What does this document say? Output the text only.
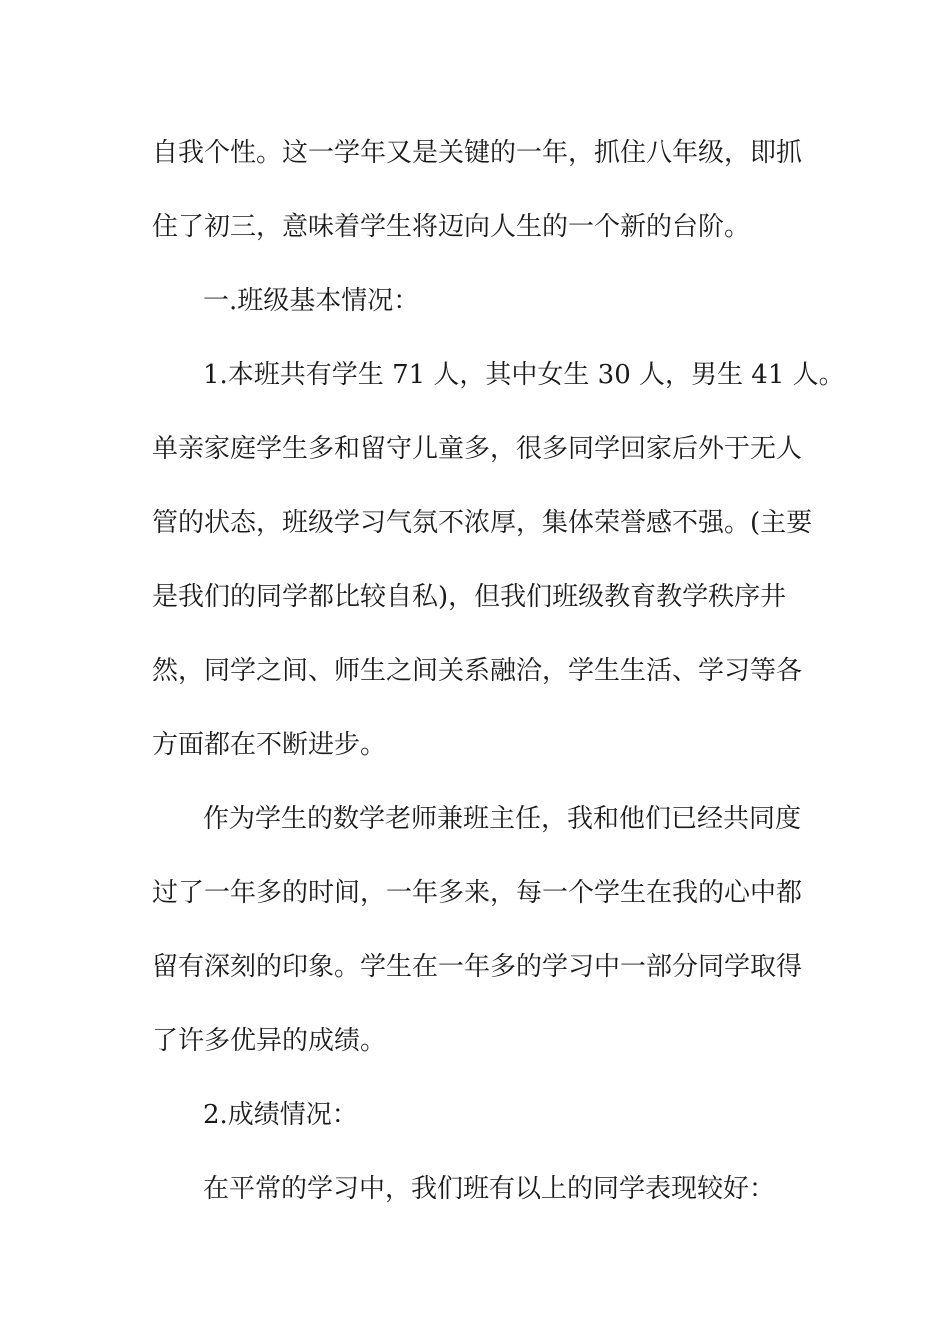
自我个性。这一学年又是关键的一年，抓住八年级，即抓
住了初三，意味着学生将迈向人生的一个新的台阶。
一.班级基本情况：
1.本班共有学生 71 人，其中女生 30 人，男生 41 人。
单亲家庭学生多和留守儿童多，很多同学回家后外于无人
管的状态，班级学习气氛不浓厚，集体荣誉感不强。(主要
是我们的同学都比较自私)，但我们班级教育教学秩序井
然，同学之间、师生之间关系融洽，学生生活、学习等各
方面都在不断进步。
作为学生的数学老师兼班主任，我和他们已经共同度
过了一年多的时间，一年多来，每一个学生在我的心中都
留有深刻的印象。学生在一年多的学习中一部分同学取得
了许多优异的成绩。
2.成绩情况：
在平常的学习中，我们班有以上的同学表现较好：
